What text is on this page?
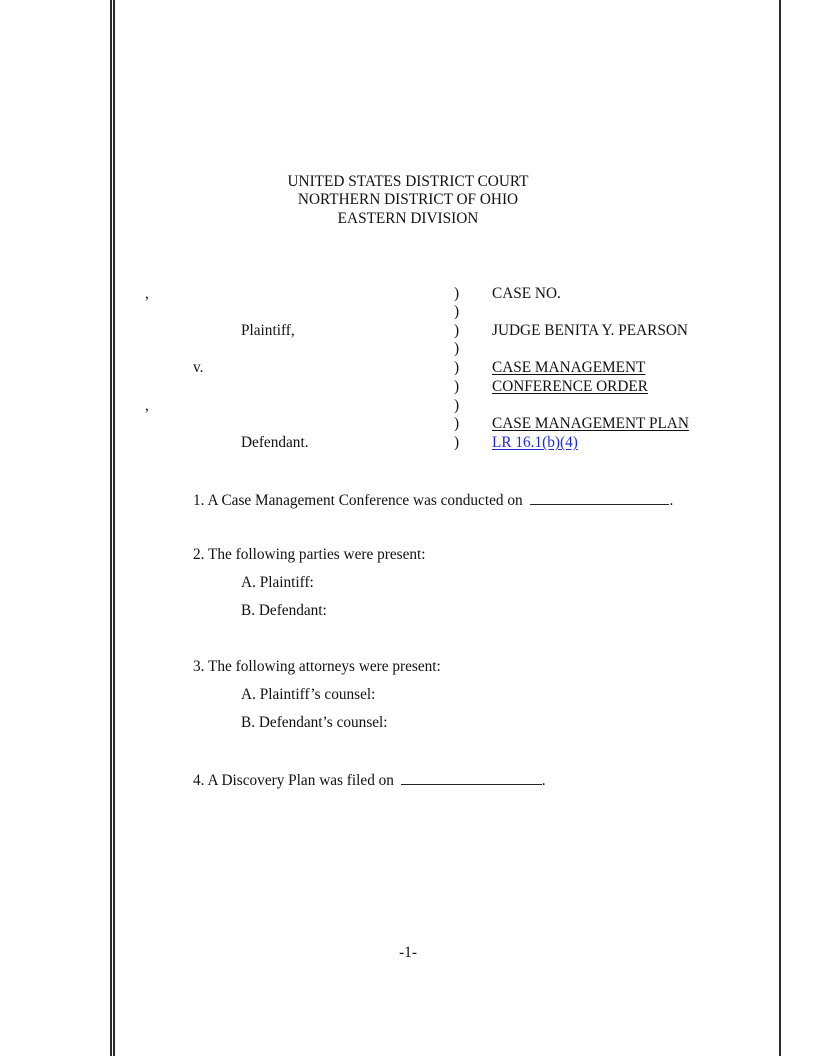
UNITED STATES DISTRICT COURT
NORTHERN DISTRICT OF OHIO
EASTERN DIVISION
,
Plaintiff,
v.
,
Defendant.
)
)
)
)
)
)
)
)
)
CASE NO.
JUDGE BENITA Y. PEARSON
CASE MANAGEMENT
CONFERENCE ORDER
CASE MANAGEMENT PLAN
LR 16.1(b)(4)
1. A Case Management Conference was conducted on	.
2. The following parties were present:
A. Plaintiff:
B. Defendant:
3. The following attorneys were present:
A. Plaintiff’s counsel:
B. Defendant’s counsel:
4. A Discovery Plan was filed on	.
-1-
